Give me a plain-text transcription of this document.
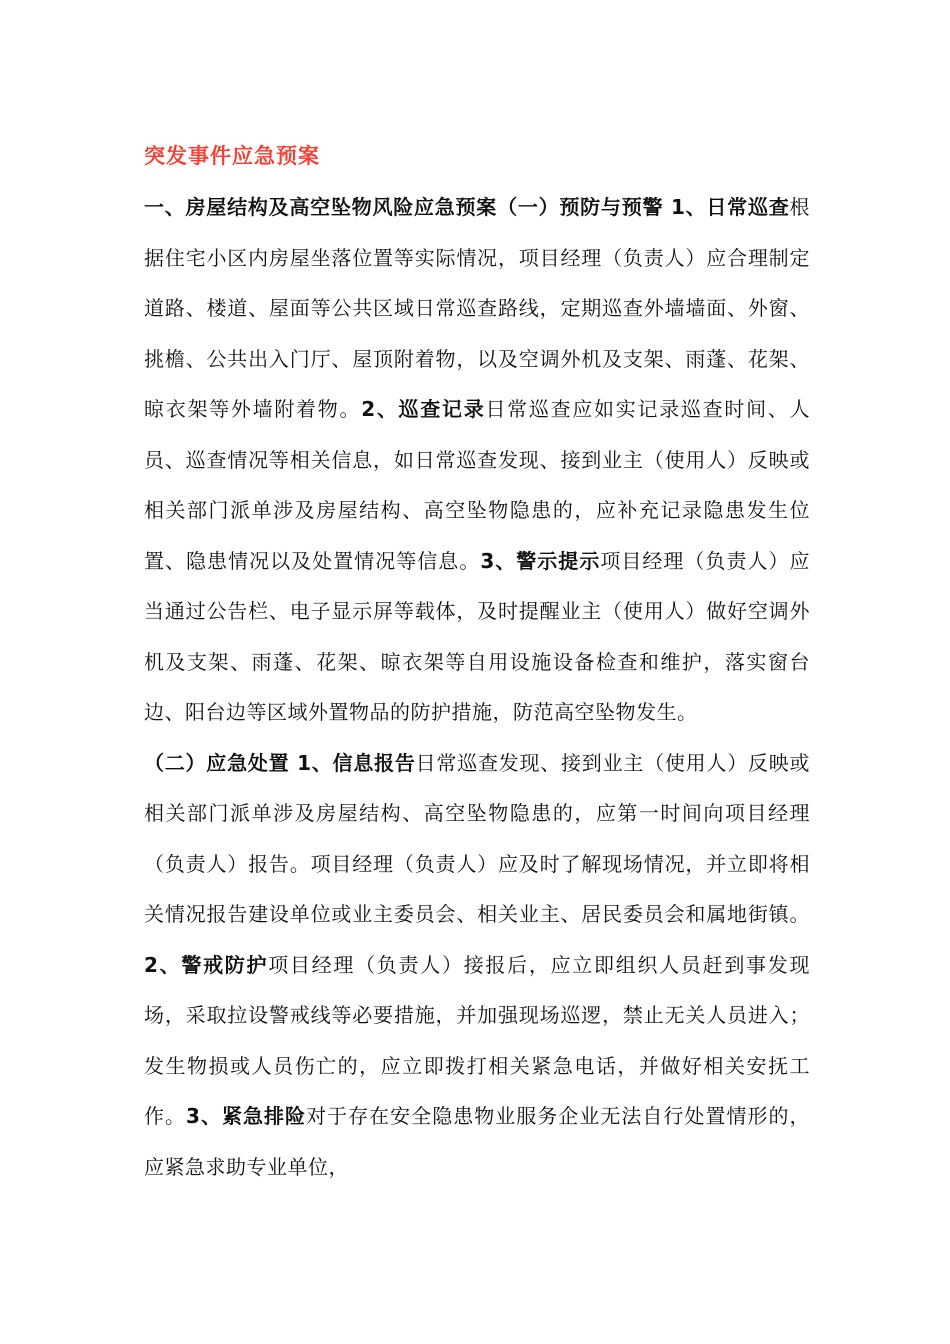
突发事件应急预案

一、房屋结构及高空坠物风险应急预案（一）预防与预警 1、日常巡查根据住宅小区内房屋坐落位置等实际情况，项目经理（负责人）应合理制定道路、楼道、屋面等公共区域日常巡查路线，定期巡查外墙墙面、外窗、挑檐、公共出入门厅、屋顶附着物，以及空调外机及支架、雨蓬、花架、晾衣架等外墙附着物。2、巡查记录日常巡查应如实记录巡查时间、人员、巡查情况等相关信息，如日常巡查发现、接到业主（使用人）反映或相关部门派单涉及房屋结构、高空坠物隐患的，应补充记录隐患发生位置、隐患情况以及处置情况等信息。3、警示提示项目经理（负责人）应当通过公告栏、电子显示屏等载体，及时提醒业主（使用人）做好空调外机及支架、雨蓬、花架、晾衣架等自用设施设备检查和维护，落实窗台边、阳台边等区域外置物品的防护措施，防范高空坠物发生。

（二）应急处置 1、信息报告日常巡查发现、接到业主（使用人）反映或相关部门派单涉及房屋结构、高空坠物隐患的，应第一时间向项目经理（负责人）报告。项目经理（负责人）应及时了解现场情况，并立即将相关情况报告建设单位或业主委员会、相关业主、居民委员会和属地街镇。2、警戒防护项目经理（负责人）接报后，应立即组织人员赶到事发现场，采取拉设警戒线等必要措施，并加强现场巡逻，禁止无关人员进入；发生物损或人员伤亡的，应立即拨打相关紧急电话，并做好相关安抚工作。3、紧急排险对于存在安全隐患物业服务企业无法自行处置情形的，应紧急求助专业单位，
